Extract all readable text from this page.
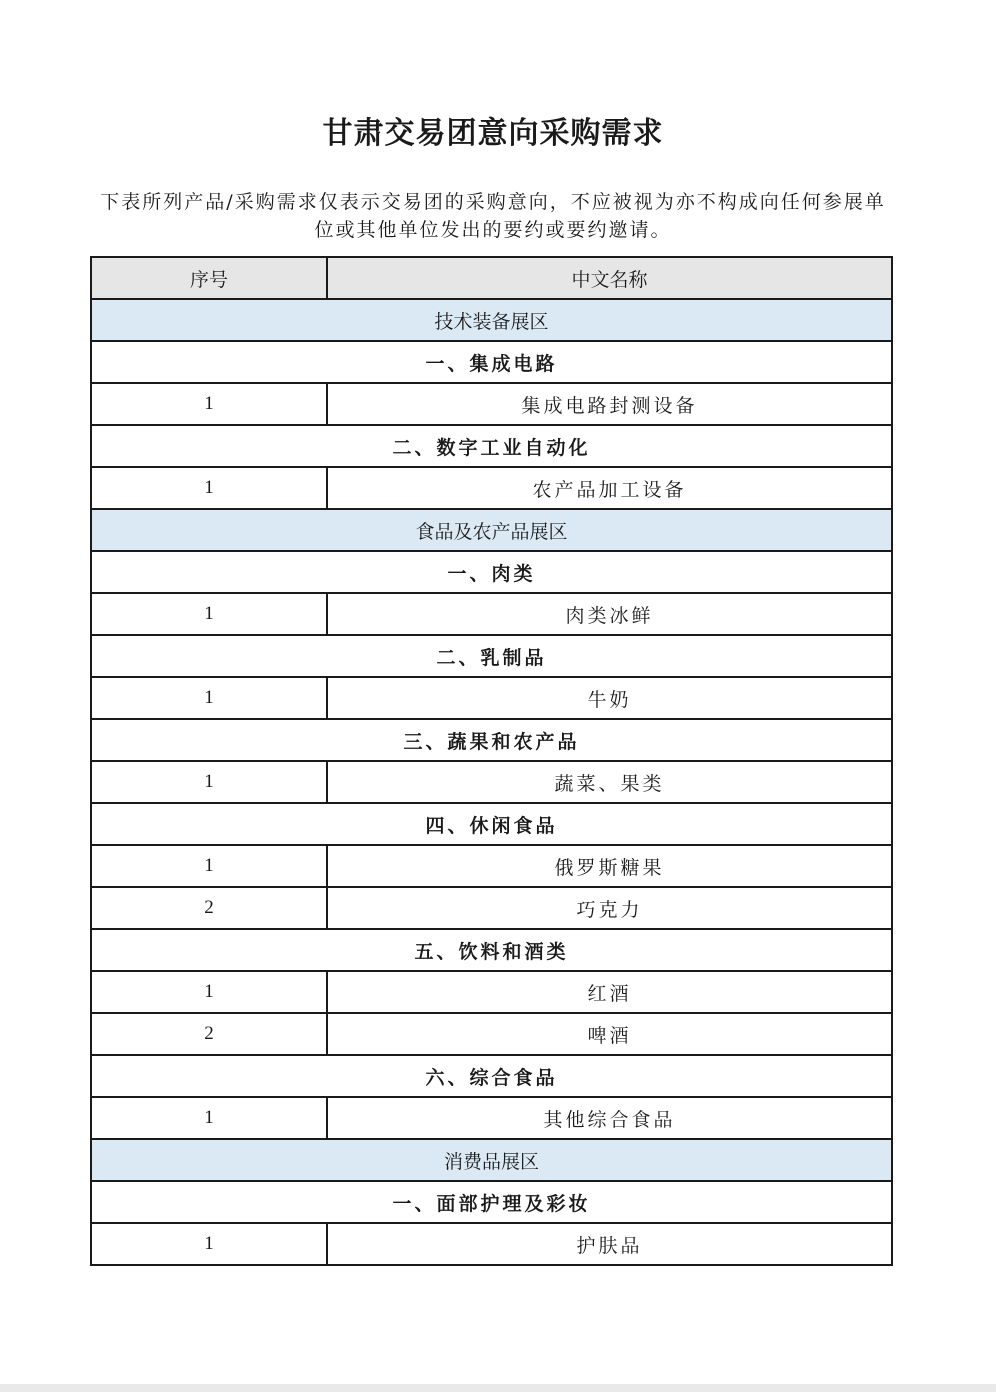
甘肃交易团意向采购需求
下表所列产品/采购需求仅表示交易团的采购意向，不应被视为亦不构成向任何参展单位或其他单位发出的要约或要约邀请。
序号	中文名称
技术装备展区	
一、集成电路	
1	集成电路封测设备
二、数字工业自动化	
1	农产品加工设备
食品及农产品展区	
一、肉类	
1	肉类冰鲜
二、乳制品	
1	牛奶
三、蔬果和农产品	
1	蔬菜、果类
四、休闲食品	
1	俄罗斯糖果
2	巧克力
五、饮料和酒类	
1	红酒
2	啤酒
六、综合食品	
1	其他综合食品
消费品展区	
一、面部护理及彩妆	
1	护肤品
